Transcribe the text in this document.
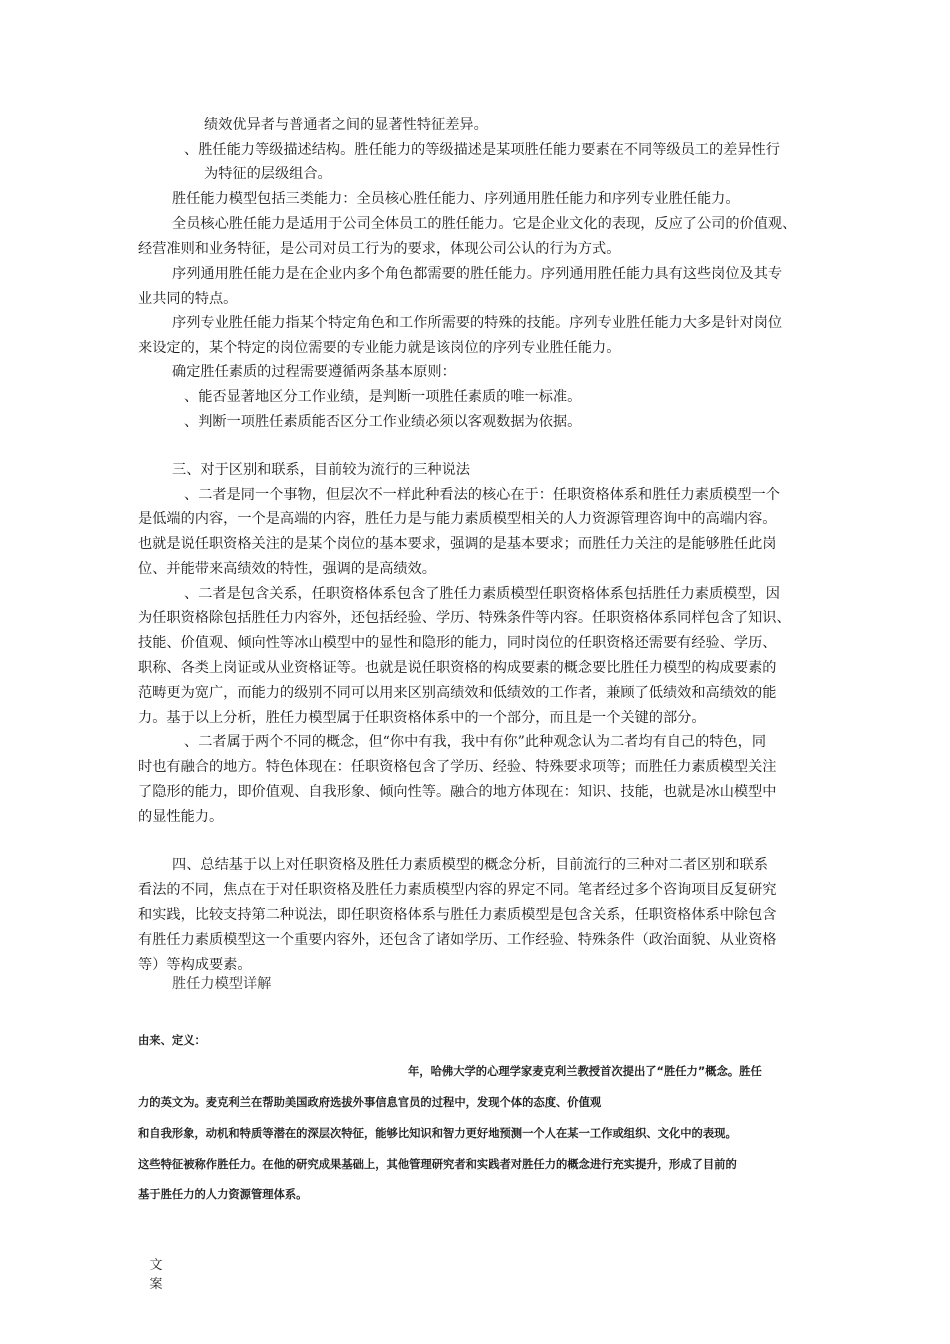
绩效优异者与普通者之间的显著性特征差异。
、胜任能力等级描述结构。胜任能力的等级描述是某项胜任能力要素在不同等级员工的差异性行
为特征的层级组合。
胜任能力模型包括三类能力：全员核心胜任能力、序列通用胜任能力和序列专业胜任能力。
全员核心胜任能力是适用于公司全体员工的胜任能力。它是企业文化的表现，反应了公司的价值观、
经营准则和业务特征，是公司对员工行为的要求，体现公司公认的行为方式。
序列通用胜任能力是在企业内多个角色都需要的胜任能力。序列通用胜任能力具有这些岗位及其专
业共同的特点。
序列专业胜任能力指某个特定角色和工作所需要的特殊的技能。序列专业胜任能力大多是针对岗位
来设定的，某个特定的岗位需要的专业能力就是该岗位的序列专业胜任能力。
确定胜任素质的过程需要遵循两条基本原则：
、能否显著地区分工作业绩，是判断一项胜任素质的唯一标准。
、判断一项胜任素质能否区分工作业绩必须以客观数据为依据。
三、对于区别和联系，目前较为流行的三种说法
、二者是同一个事物，但层次不一样此种看法的核心在于：任职资格体系和胜任力素质模型一个
是低端的内容，一个是高端的内容，胜任力是与能力素质模型相关的人力资源管理咨询中的高端内容。
也就是说任职资格关注的是某个岗位的基本要求，强调的是基本要求；而胜任力关注的是能够胜任此岗
位、并能带来高绩效的特性，强调的是高绩效。
、二者是包含关系，任职资格体系包含了胜任力素质模型任职资格体系包括胜任力素质模型，因
为任职资格除包括胜任力内容外，还包括经验、学历、特殊条件等内容。任职资格体系同样包含了知识、
技能、价值观、倾向性等冰山模型中的显性和隐形的能力，同时岗位的任职资格还需要有经验、学历、
职称、各类上岗证或从业资格证等。也就是说任职资格的构成要素的概念要比胜任力模型的构成要素的
范畴更为宽广，而能力的级别不同可以用来区别高绩效和低绩效的工作者，兼顾了低绩效和高绩效的能
力。基于以上分析，胜任力模型属于任职资格体系中的一个部分，而且是一个关键的部分。
、二者属于两个不同的概念，但“你中有我，我中有你”此种观念认为二者均有自己的特色，同
时也有融合的地方。特色体现在：任职资格包含了学历、经验、特殊要求项等；而胜任力素质模型关注
了隐形的能力，即价值观、自我形象、倾向性等。融合的地方体现在：知识、技能，也就是冰山模型中
的显性能力。
四、总结基于以上对任职资格及胜任力素质模型的概念分析，目前流行的三种对二者区别和联系
看法的不同，焦点在于对任职资格及胜任力素质模型内容的界定不同。笔者经过多个咨询项目反复研究
和实践，比较支持第二种说法，即任职资格体系与胜任力素质模型是包含关系，任职资格体系中除包含
有胜任力素质模型这一个重要内容外，还包含了诸如学历、工作经验、特殊条件（政治面貌、从业资格
等）等构成要素。
胜任力模型详解
由来、定义：
年，哈佛大学的心理学家麦克利兰教授首次提出了“胜任力”概念。胜任
力的英文为。麦克利兰在帮助美国政府选拔外事信息官员的过程中，发现个体的态度、价值观
和自我形象，动机和特质等潜在的深层次特征，能够比知识和智力更好地预测一个人在某一工作或组织、文化中的表现。
这些特征被称作胜任力。在他的研究成果基础上，其他管理研究者和实践者对胜任力的概念进行充实提升，形成了目前的
基于胜任力的人力资源管理体系。
文
案
